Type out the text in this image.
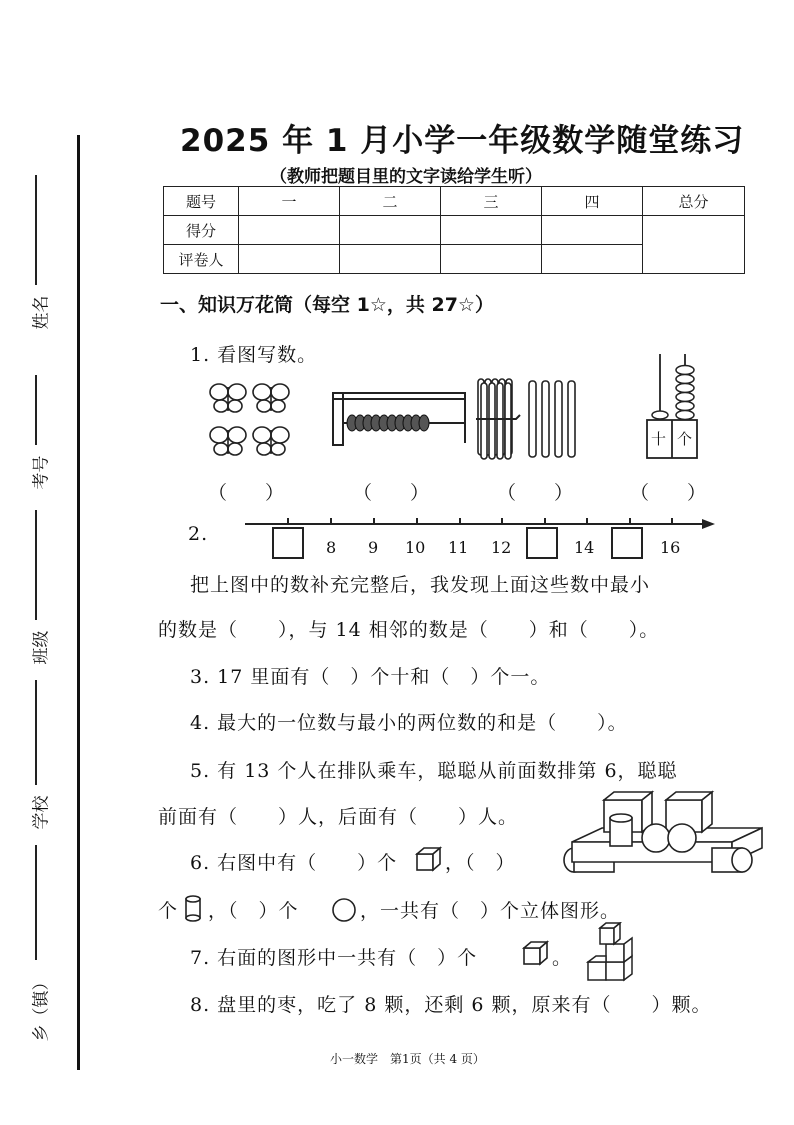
姓名
考号
班级
学校
乡（镇）
2025 年 1 月小学一年级数学随堂练习
（教师把题目里的文字读给学生听）
题号	一	二	三	四	总分
得分					
评卷人					
一、知识万花筒（每空 1☆，共 27☆）
1. 看图写数。
十 个
（　　）	（　　）	（　　）	（　　）
2.
8 9 10 11 12	14	16
把上图中的数补充完整后，我发现上面这些数中最小
的数是（　　），与 14 相邻的数是（　　）和（　　）。
3. 17 里面有（　）个十和（　）个一。
4. 最大的一位数与最小的两位数的和是（　　）。
5. 有 13 个人在排队乘车，聪聪从前面数排第 6，聪聪
前面有（　　）人，后面有（　　）人。
6. 右图中有（　　）个	，（　）
个 ，（　）个	，一共有（　）个立体图形。
7. 右面的图形中一共有（　）个	。
8. 盘里的枣，吃了 8 颗，还剩 6 颗，原来有（　　）颗。
小一数学　第1页（共 4 页）
